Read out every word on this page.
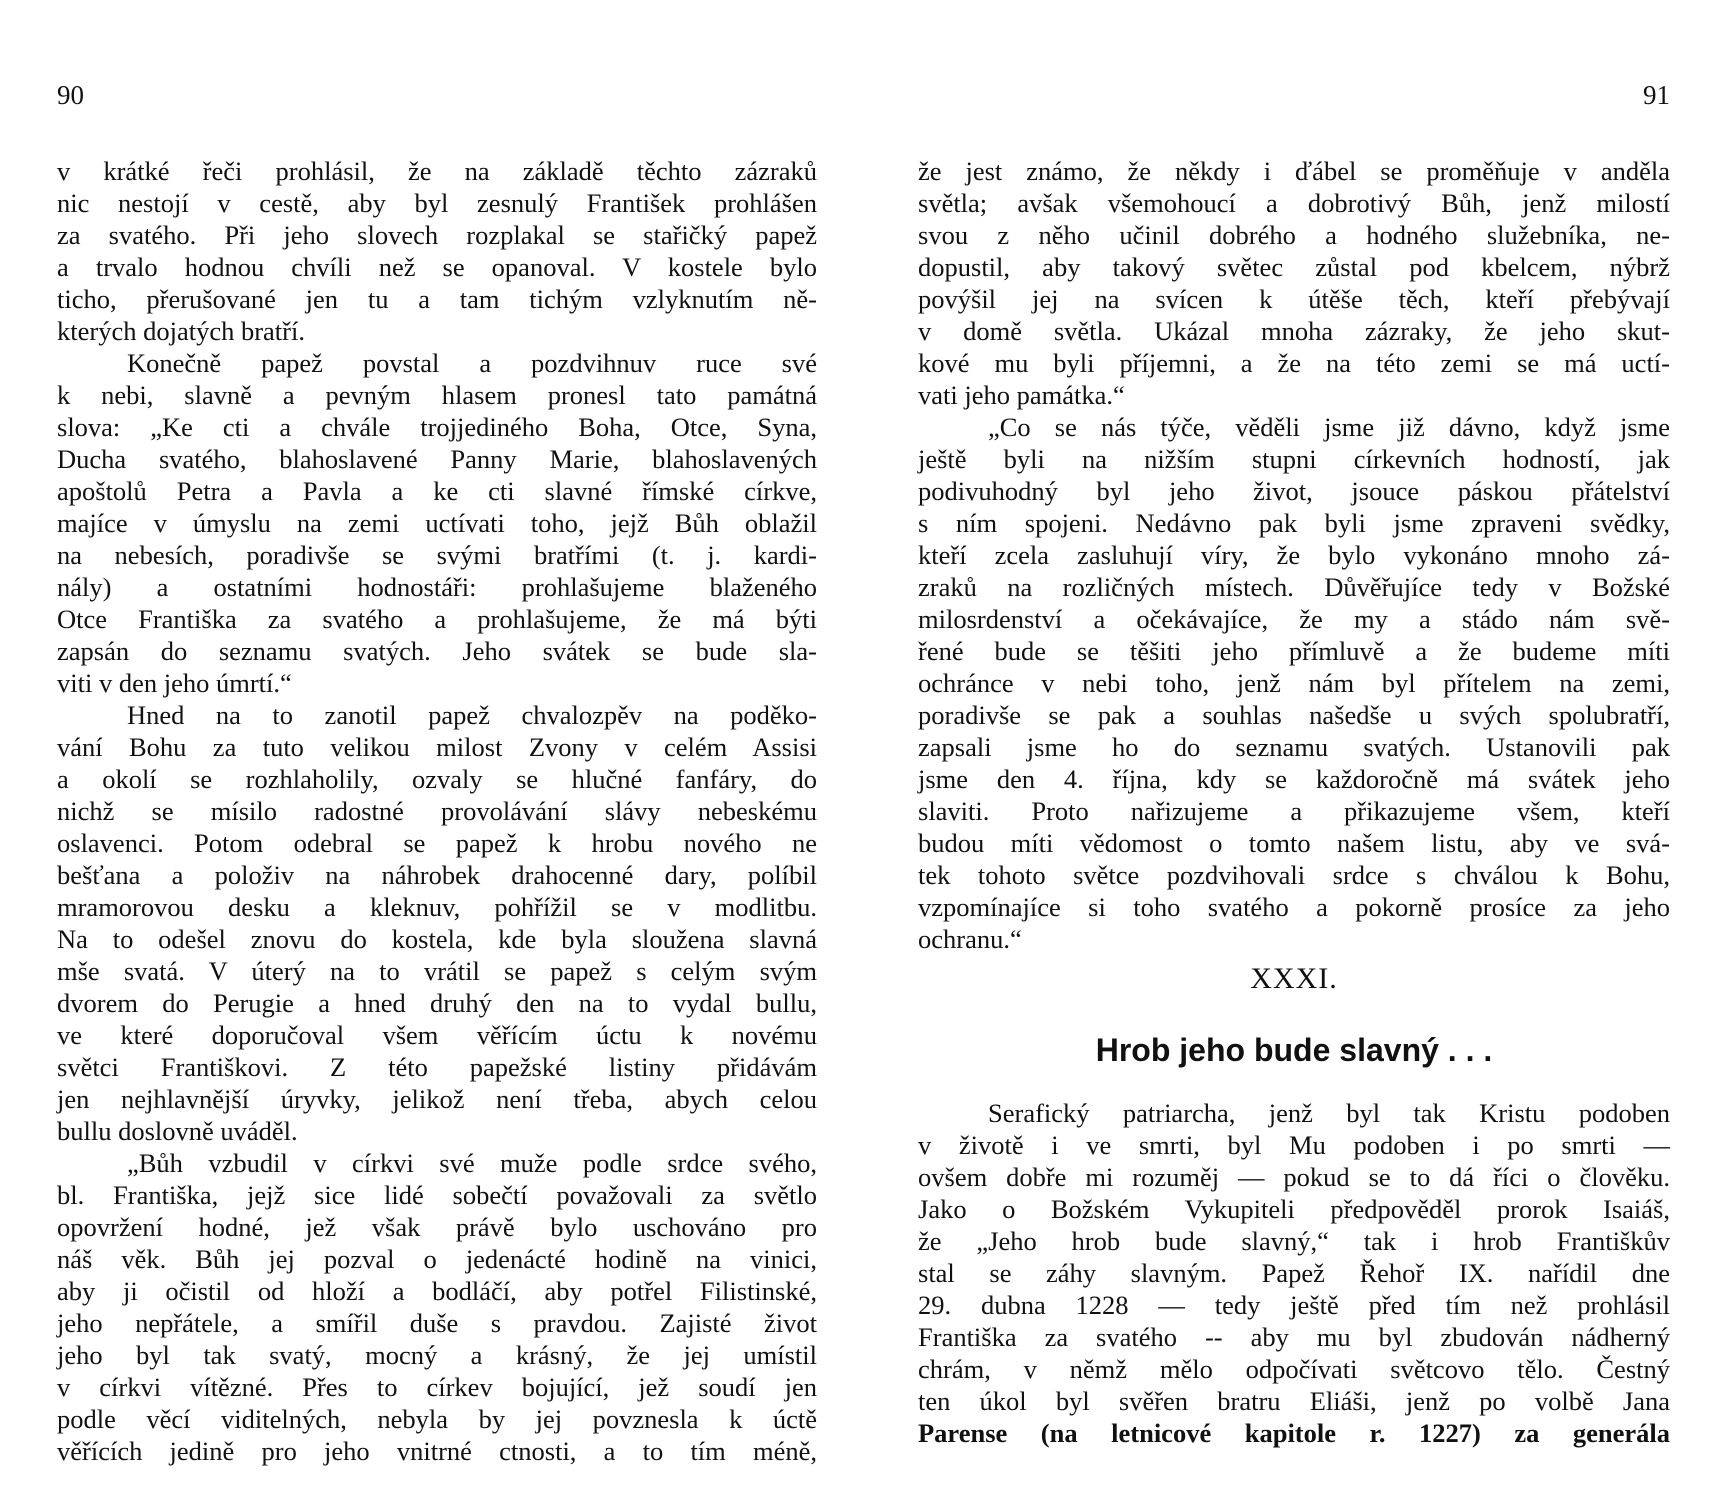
90
v krátké řeči prohlásil, že na základě těchto zázraků
nic nestojí v cestě, aby byl zesnulý František prohlášen
za svatého. Při jeho slovech rozplakal se stařičký papež
a trvalo hodnou chvíli než se opanoval. V kostele bylo
ticho, přerušované jen tu a tam tichým vzlyknutím ně-
kterých dojatých bratří.
Konečně papež povstal a pozdvihnuv ruce své
k nebi, slavně a pevným hlasem pronesl tato památná
slova: „Ke cti a chvále trojjediného Boha, Otce, Syna,
Ducha svatého, blahoslavené Panny Marie, blahoslavených
apoštolů Petra a Pavla a ke cti slavné římské církve,
majíce v úmyslu na zemi uctívati toho, jejž Bůh oblažil
na nebesích, poradivše se svými bratřími (t. j. kardi-
nály) a ostatními hodnostáři: prohlašujeme blaženého
Otce Františka za svatého a prohlašujeme, že má býti
zapsán do seznamu svatých. Jeho svátek se bude sla-
viti v den jeho úmrtí.“
Hned na to zanotil papež chvalozpěv na poděko-
vání Bohu za tuto velikou milost Zvony v celém Assisi
a okolí se rozhlaholily, ozvaly se hlučné fanfáry, do
nichž se mísilo radostné provolávání slávy nebeskému
oslavenci. Potom odebral se papež k hrobu nového ne
bešťana a položiv na náhrobek drahocenné dary, políbil
mramorovou desku a kleknuv, pohřížil se v modlitbu.
Na to odešel znovu do kostela, kde byla sloužena slavná
mše svatá. V úterý na to vrátil se papež s celým svým
dvorem do Perugie a hned druhý den na to vydal bullu,
ve které doporučoval všem věřícím úctu k novému
světci Františkovi. Z této papežské listiny přidávám
jen nejhlavnější úryvky, jelikož není třeba, abych celou
bullu doslovně uváděl.
„Bůh vzbudil v církvi své muže podle srdce svého,
bl. Františka, jejž sice lidé sobečtí považovali za světlo
opovržení hodné, jež však právě bylo uschováno pro
náš věk. Bůh jej pozval o jedenácté hodině na vinici,
aby ji očistil od hloží a bodláčí, aby potřel Filistinské,
jeho nepřátele, a smířil duše s pravdou. Zajisté život
jeho byl tak svatý, mocný a krásný, že jej umístil
v církvi vítězné. Přes to církev bojující, jež soudí jen
podle věcí viditelných, nebyla by jej povznesla k úctě
věřících jedině pro jeho vnitrné ctnosti, a to tím méně,
91
že jest známo, že někdy i ďábel se proměňuje v anděla
světla; avšak všemohoucí a dobrotivý Bůh, jenž milostí
svou z něho učinil dobrého a hodného služebníka, ne-
dopustil, aby takový světec zůstal pod kbelcem, nýbrž
povýšil jej na svícen k útěše těch, kteří přebývají
v domě světla. Ukázal mnoha zázraky, že jeho skut-
kové mu byli příjemni, a že na této zemi se má uctí-
vati jeho památka.“
„Co se nás týče, věděli jsme již dávno, když jsme
ještě byli na nižším stupni církevních hodností, jak
podivuhodný byl jeho život, jsouce páskou přátelství
s ním spojeni. Nedávno pak byli jsme zpraveni svědky,
kteří zcela zasluhují víry, že bylo vykonáno mnoho zá-
zraků na rozličných místech. Důvěřujíce tedy v Božské
milosrdenství a očekávajíce, že my a stádo nám svě-
řené bude se těšiti jeho přímluvě a že budeme míti
ochránce v nebi toho, jenž nám byl přítelem na zemi,
poradivše se pak a souhlas našedše u svých spolubratří,
zapsali jsme ho do seznamu svatých. Ustanovili pak
jsme den 4. října, kdy se každoročně má svátek jeho
slaviti. Proto nařizujeme a přikazujeme všem, kteří
budou míti vědomost o tomto našem listu, aby ve svá-
tek tohoto světce pozdvihovali srdce s chválou k Bohu,
vzpomínajíce si toho svatého a pokorně prosíce za jeho
ochranu.“
XXXI.
Hrob jeho bude slavný . . .
Serafický patriarcha, jenž byl tak Kristu podoben
v životě i ve smrti, byl Mu podoben i po smrti —
ovšem dobře mi rozuměj — pokud se to dá říci o člověku.
Jako o Božském Vykupiteli předpověděl prorok Isaiáš,
že „Jeho hrob bude slavný,“ tak i hrob Františkův
stal se záhy slavným. Papež Řehoř IX. nařídil dne
29. dubna 1228 — tedy ještě před tím než prohlásil
Františka za svatého -- aby mu byl zbudován nádherný
chrám, v němž mělo odpočívati světcovo tělo. Čestný
ten úkol byl svěřen bratru Eliáši, jenž po volbě Jana
Parense (na letnicové kapitole r. 1227) za generála
